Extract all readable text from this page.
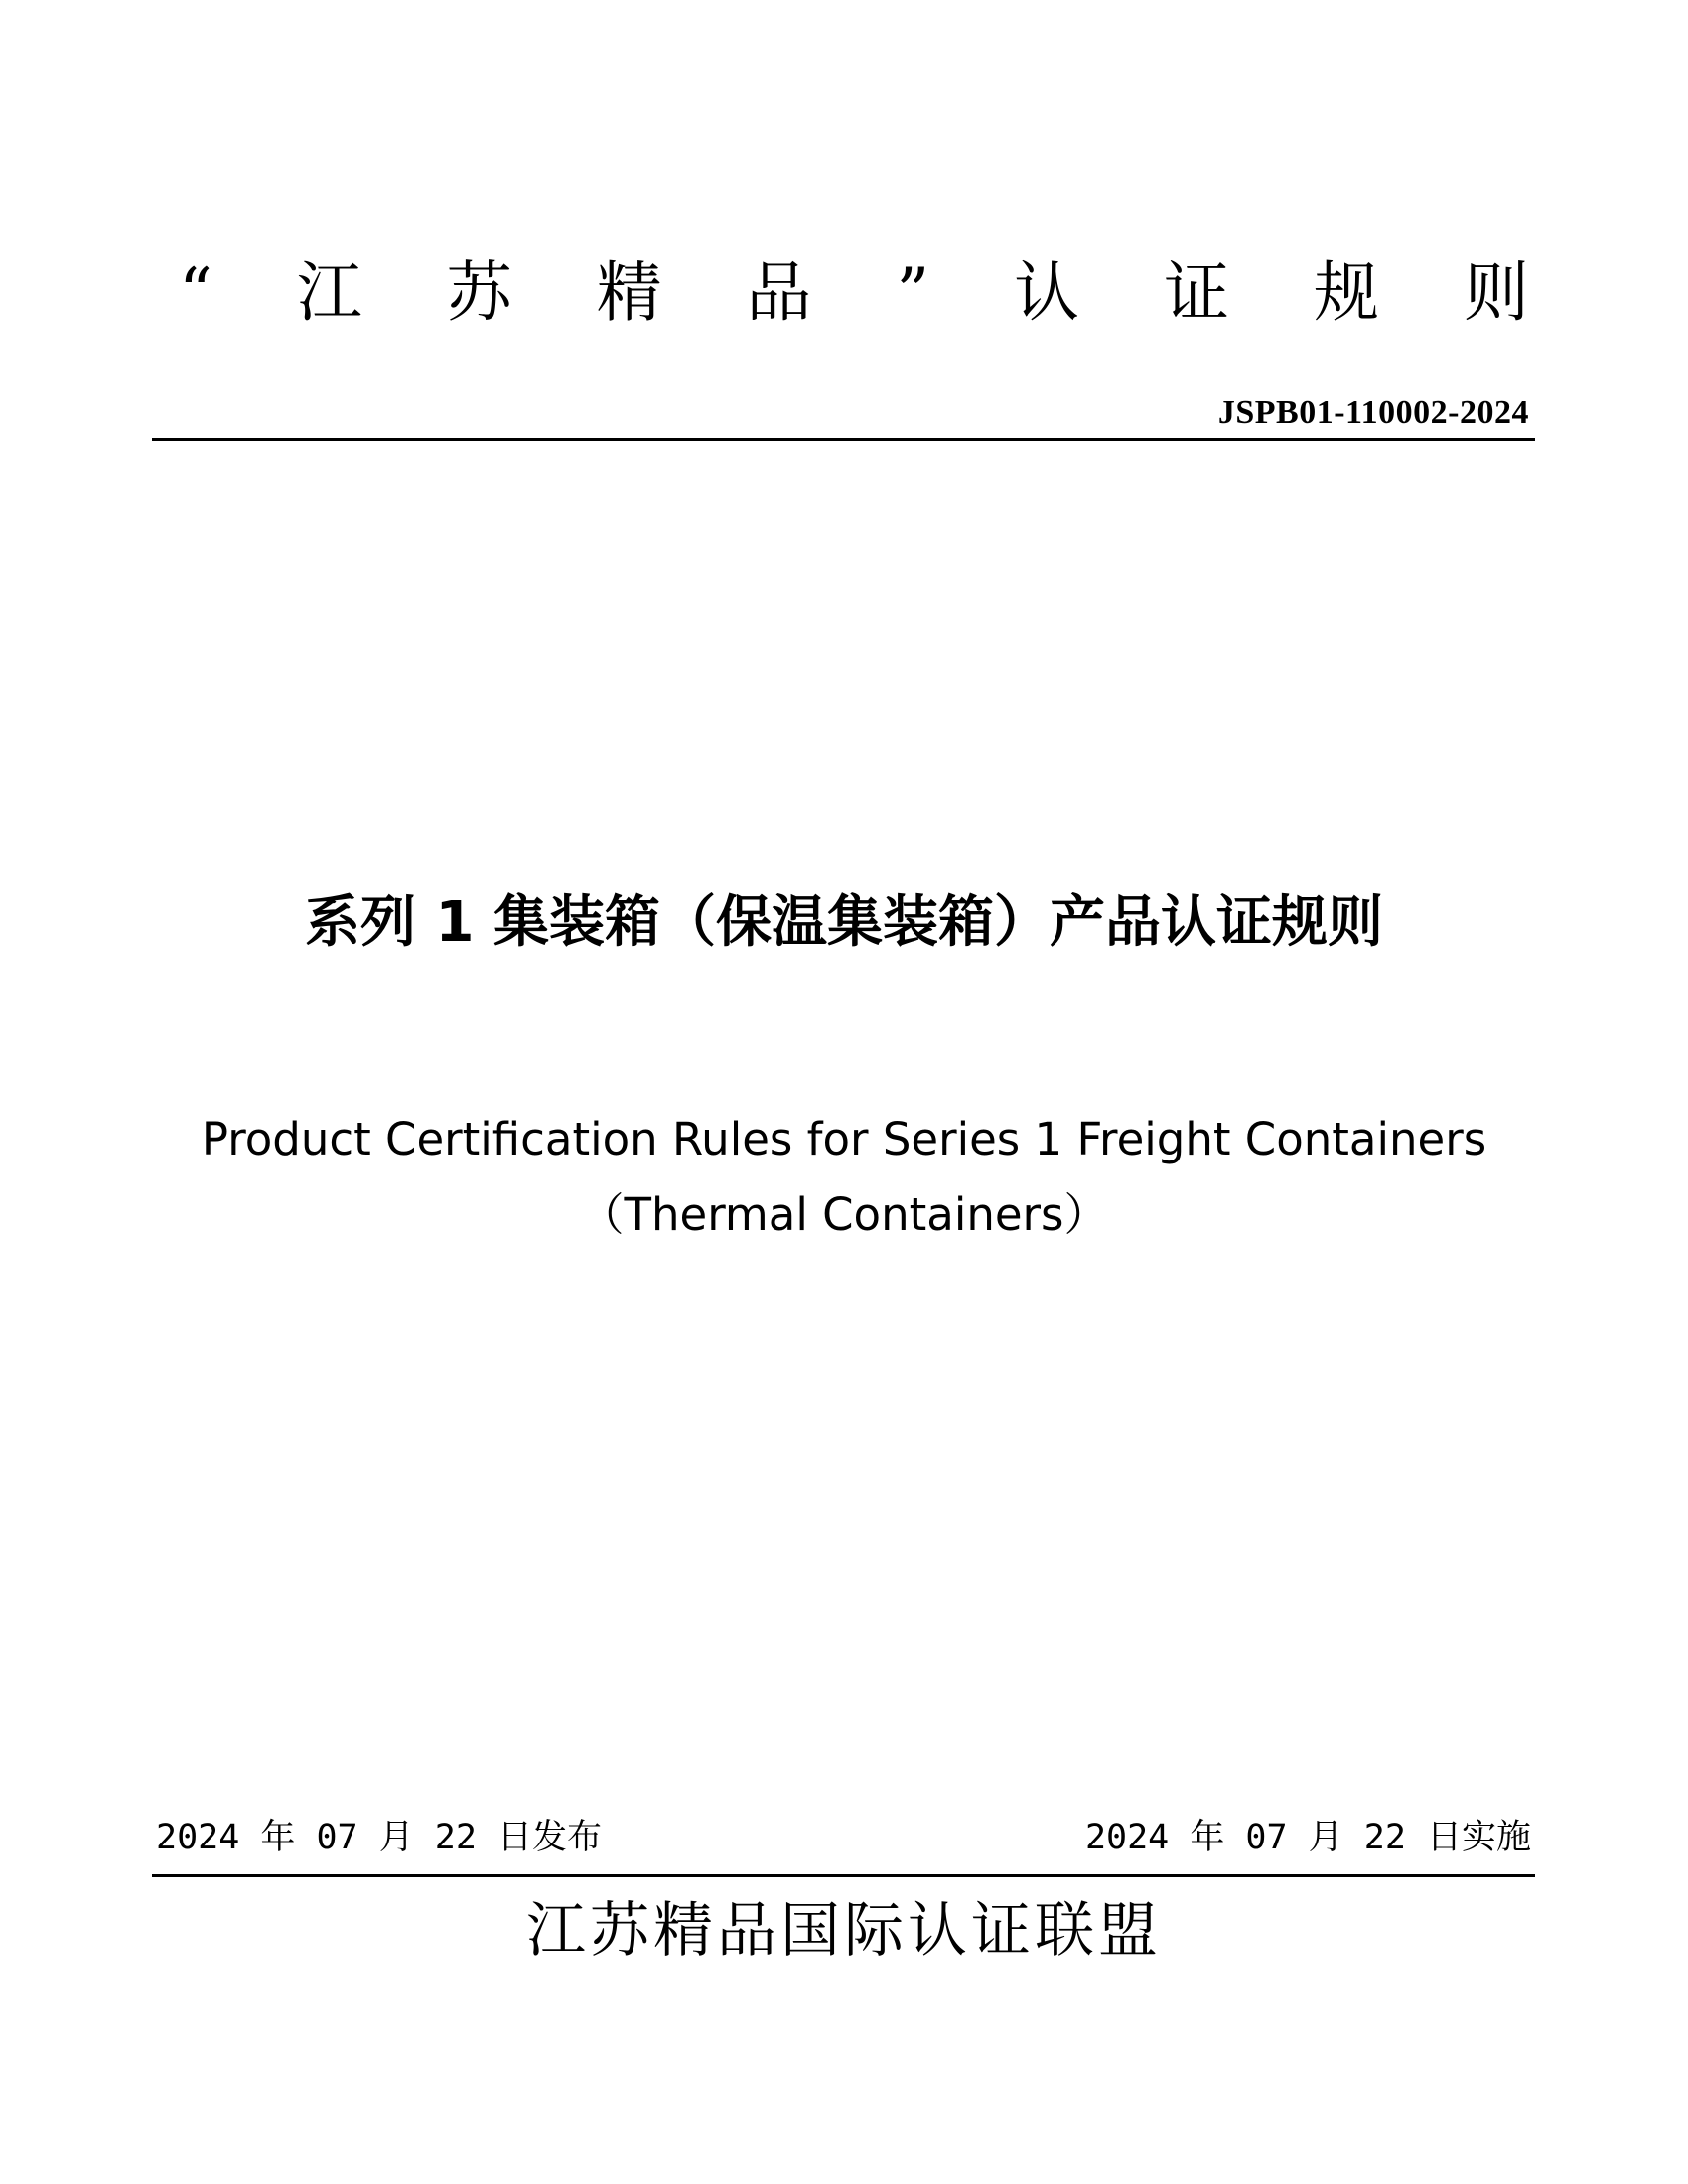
“ 江 苏 精 品 ” 认 证 规 则
JSPB01-110002-2024
系列 1 集装箱（保温集装箱）产品认证规则
Product Certification Rules for Series 1 Freight Containers
（Thermal Containers）
2024
年
07
月
22
日发布	2024
年
07
月
22
日实施
江苏精品国际认证联盟
